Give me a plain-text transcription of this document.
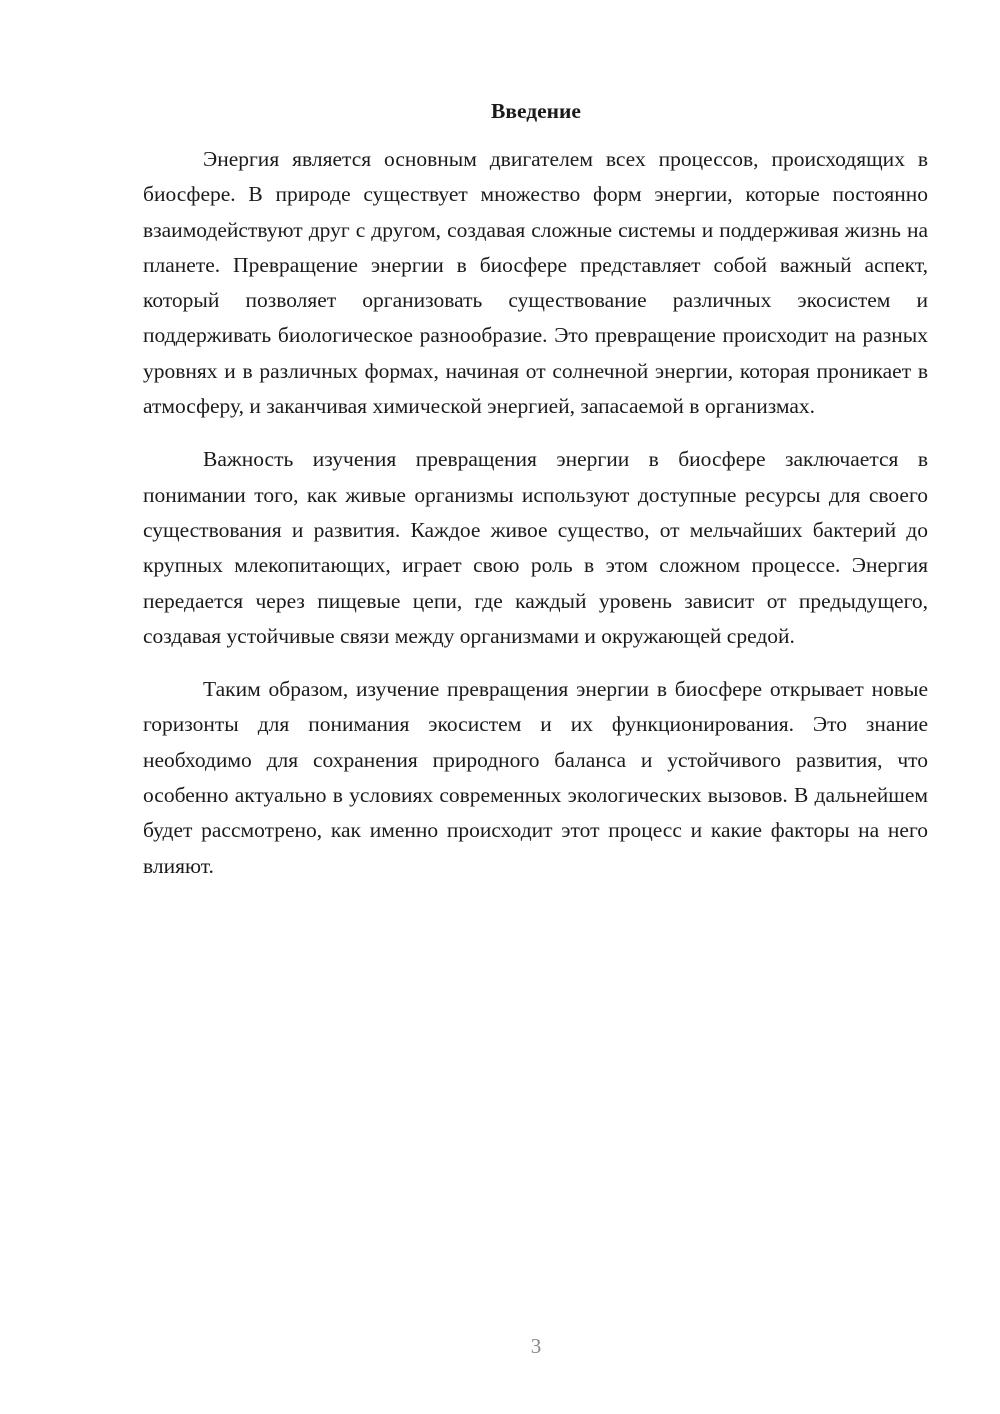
Введение

Энергия является основным двигателем всех процессов, происходящих в биосфере. В природе существует множество форм энергии, которые постоянно взаимодействуют друг с другом, создавая сложные системы и поддерживая жизнь на планете. Превращение энергии в биосфере представляет собой важный аспект, который позволяет организовать существование различных экосистем и поддерживать биологическое разнообразие. Это превращение происходит на разных уровнях и в различных формах, начиная от солнечной энергии, которая проникает в атмосферу, и заканчивая химической энергией, запасаемой в организмах.

Важность изучения превращения энергии в биосфере заключается в понимании того, как живые организмы используют доступные ресурсы для своего существования и развития. Каждое живое существо, от мельчайших бактерий до крупных млекопитающих, играет свою роль в этом сложном процессе. Энергия передается через пищевые цепи, где каждый уровень зависит от предыдущего, создавая устойчивые связи между организмами и окружающей средой.

Таким образом, изучение превращения энергии в биосфере открывает новые горизонты для понимания экосистем и их функционирования. Это знание необходимо для сохранения природного баланса и устойчивого развития, что особенно актуально в условиях современных экологических вызовов. В дальнейшем будет рассмотрено, как именно происходит этот процесс и какие факторы на него влияют.

3
